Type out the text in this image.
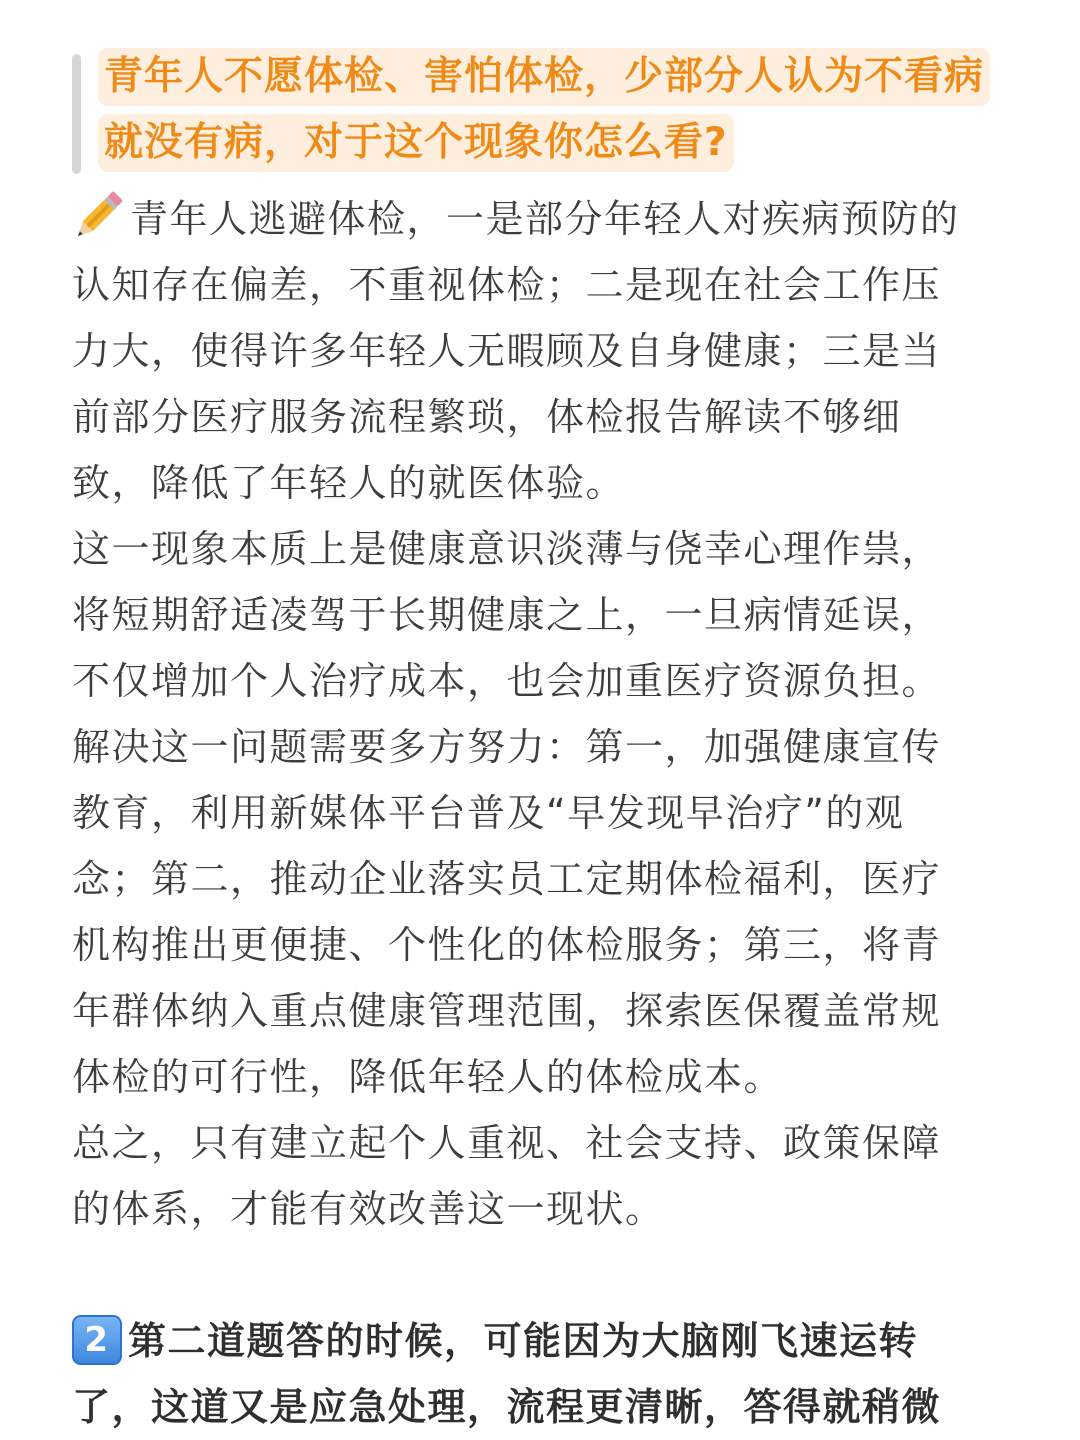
青年人不愿体检、害怕体检，少部分人认为不看病
就没有病，对于这个现象你怎么看?
青年人逃避体检，一是部分年轻人对疾病预防的
认知存在偏差，不重视体检；二是现在社会工作压
力大，使得许多年轻人无暇顾及自身健康；三是当
前部分医疗服务流程繁琐，体检报告解读不够细
致，降低了年轻人的就医体验。
这一现象本质上是健康意识淡薄与侥幸心理作祟，
将短期舒适凌驾于长期健康之上，一旦病情延误，
不仅增加个人治疗成本，也会加重医疗资源负担。
解决这一问题需要多方努力：第一，加强健康宣传
教育，利用新媒体平台普及“早发现早治疗”的观
念；第二，推动企业落实员工定期体检福利，医疗
机构推出更便捷、个性化的体检服务；第三，将青
年群体纳入重点健康管理范围，探索医保覆盖常规
体检的可行性，降低年轻人的体检成本。
总之，只有建立起个人重视、社会支持、政策保障
的体系，才能有效改善这一现状。
2 第二道题答的时候，可能因为大脑刚飞速运转
了，这道又是应急处理，流程更清晰，答得就稍微
